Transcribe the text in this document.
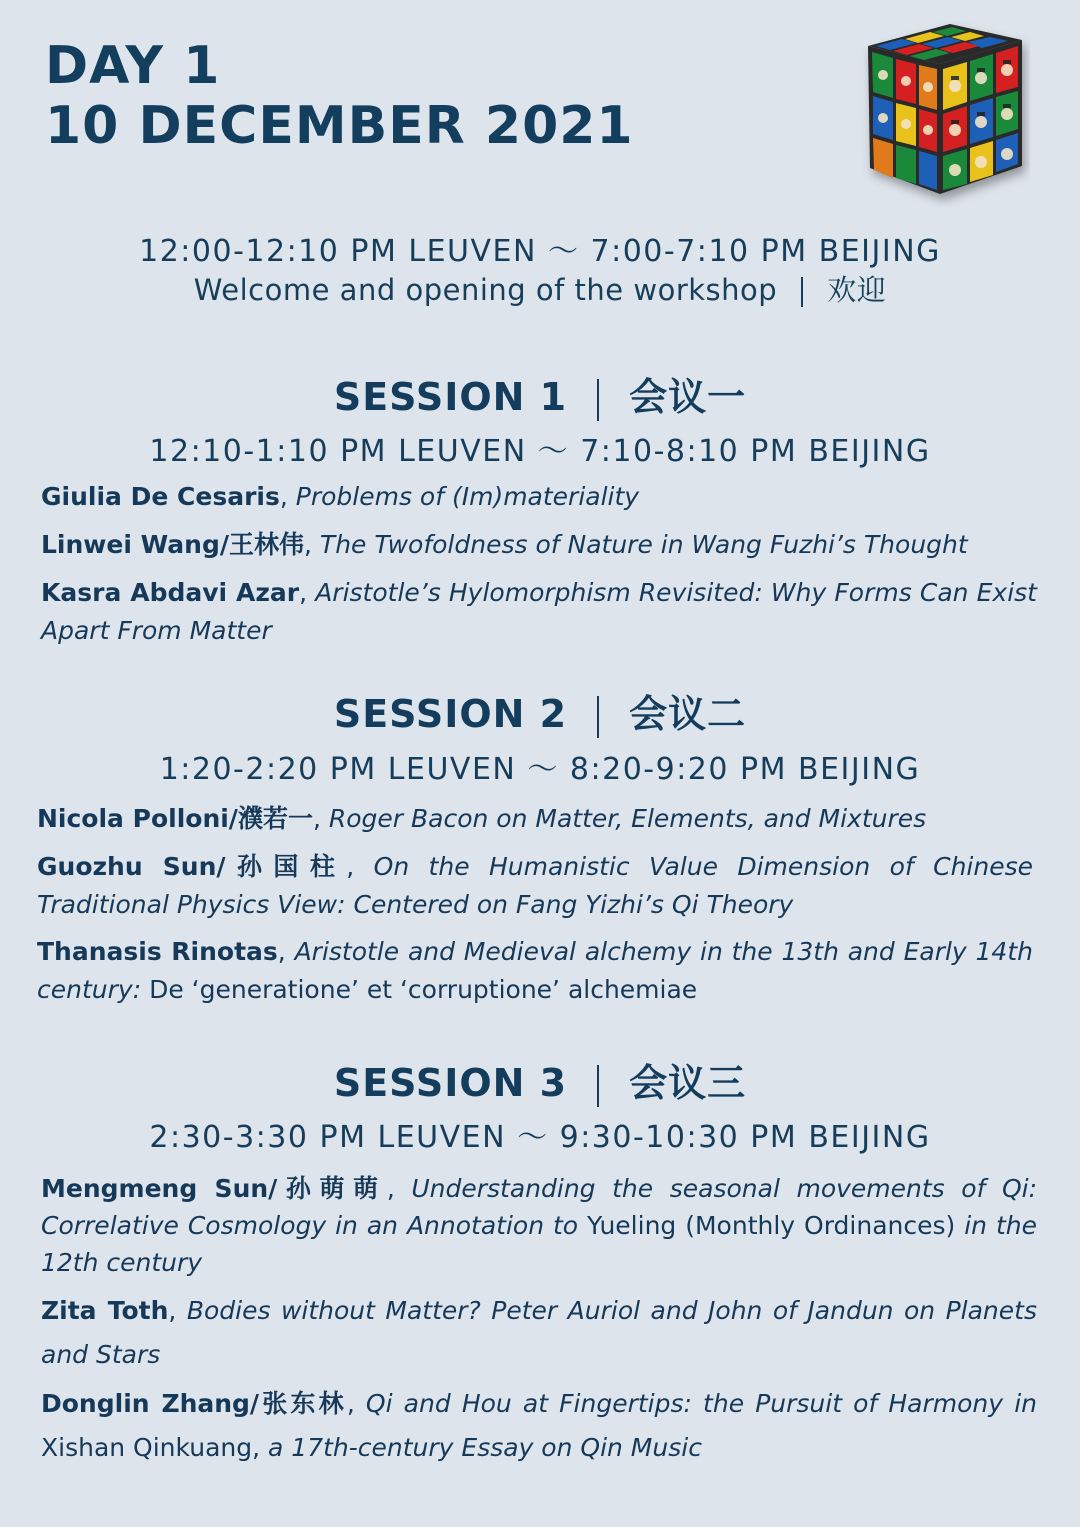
DAY 1
10 DECEMBER 2021
12:00-12:10 PM LEUVEN ～ 7:00-7:10 PM BEIJING
Welcome and opening of the workshop 欢迎
SESSION 1 会议一
12:10-1:10 PM LEUVEN ～ 7:10-8:10 PM BEIJING
Giulia De Cesaris, Problems of (Im)materiality
Linwei Wang/王林伟, The Twofoldness of Nature in Wang Fuzhi’s Thought
Kasra Abdavi Azar, Aristotle’s Hylomorphism Revisited: Why Forms Can Exist Apart From Matter
SESSION 2 会议二
1:20-2:20 PM LEUVEN ～ 8:20-9:20 PM BEIJING
Nicola Polloni/濮若一, Roger Bacon on Matter, Elements, and Mixtures
Guozhu Sun/孙国柱, On the Humanistic Value Dimension of Chinese Traditional Physics View: Centered on Fang Yizhi’s Qi Theory
Thanasis Rinotas, Aristotle and Medieval alchemy in the 13th and Early 14th century: De ‘generatione’ et ‘corruptione’ alchemiae
SESSION 3 会议三
2:30-3:30 PM LEUVEN ～ 9:30-10:30 PM BEIJING
Mengmeng Sun/孙萌萌, Understanding the seasonal movements of Qi: Correlative Cosmology in an Annotation to Yueling (Monthly Ordinances) in the 12th century
Zita Toth, Bodies without Matter? Peter Auriol and John of Jandun on Planets and Stars
Donglin Zhang/张东林, Qi and Hou at Fingertips: the Pursuit of Harmony in Xishan Qinkuang, a 17th-century Essay on Qin Music
